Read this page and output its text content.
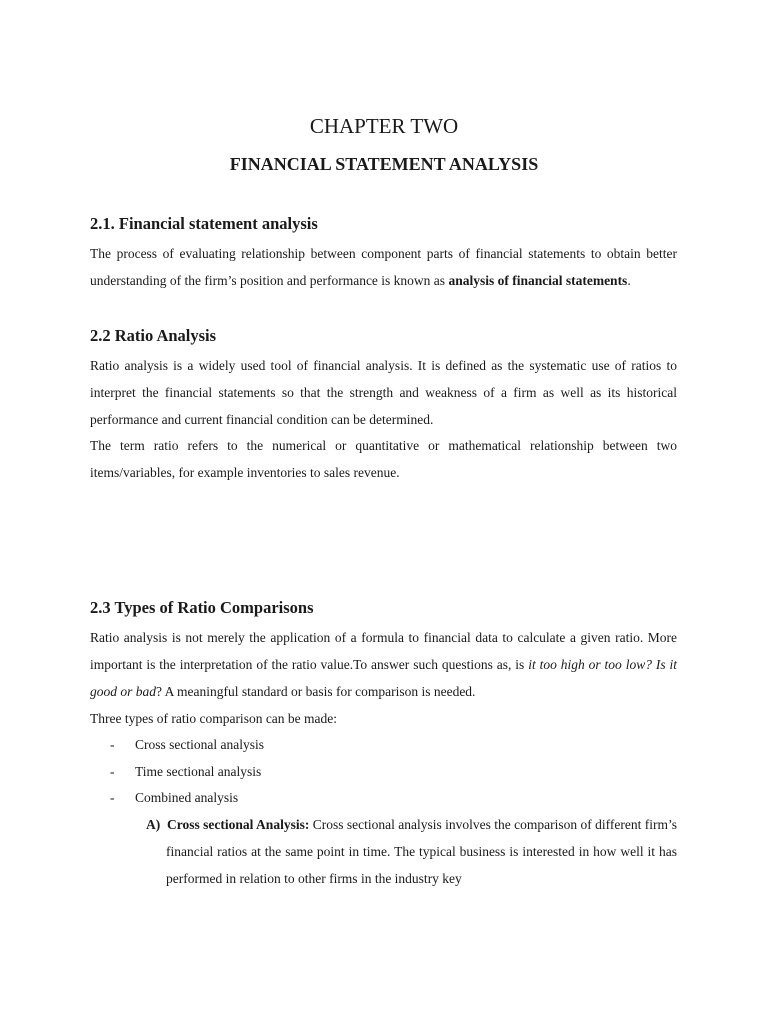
CHAPTER TWO
FINANCIAL STATEMENT ANALYSIS
2.1. Financial statement analysis
The process of evaluating relationship between component parts of financial statements to obtain better understanding of the firm’s position and performance is known as analysis of financial statements.
2.2 Ratio Analysis
Ratio analysis is a widely used tool of financial analysis. It is defined as the systematic use of ratios to interpret the financial statements so that the strength and weakness of a firm as well as its historical performance and current financial condition can be determined.
The term ratio refers to the numerical or quantitative or mathematical relationship between two items/variables, for example inventories to sales revenue.
2.3 Types of Ratio Comparisons
Ratio analysis is not merely the application of a formula to financial data to calculate a given ratio. More important is the interpretation of the ratio value.To answer such questions as, is it too high or too low? Is it good or bad? A meaningful standard or basis for comparison is needed.
Three types of ratio comparison can be made:
-	Cross sectional analysis
-	Time sectional analysis
-	Combined analysis
A) Cross sectional Analysis: Cross sectional analysis involves the comparison of different firm’s financial ratios at the same point in time. The typical business is interested in how well it has performed in relation to other firms in the industry key
